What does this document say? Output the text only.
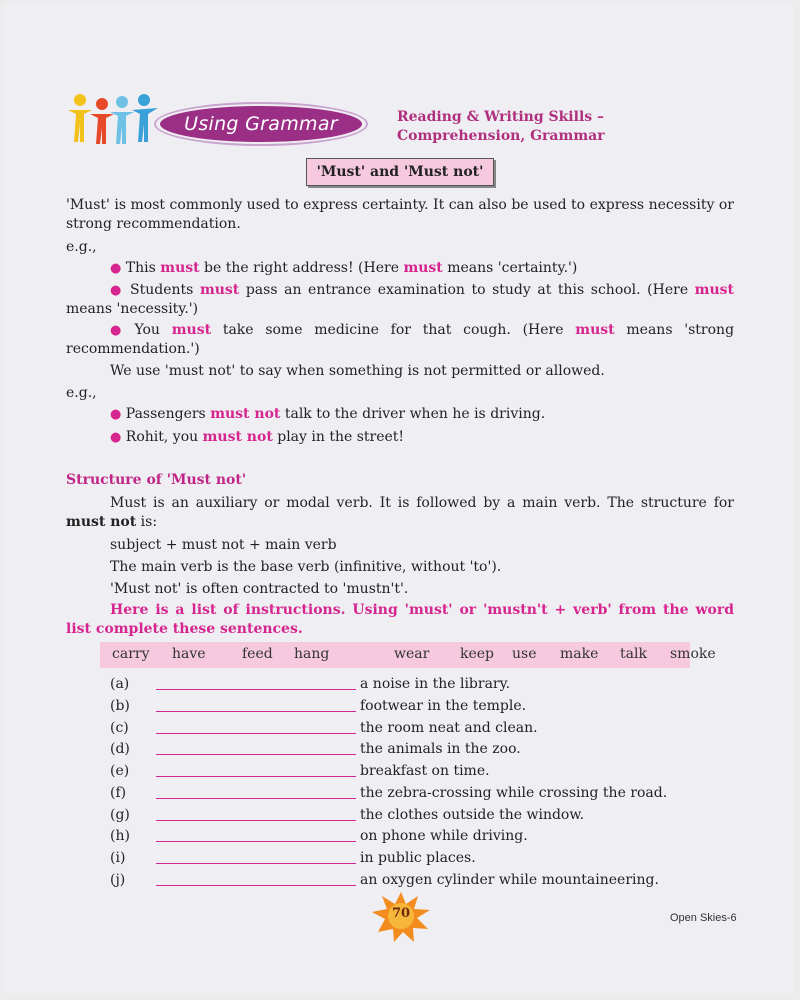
Using Grammar	Reading & Writing Skills –
Comprehension, Grammar
'Must' and 'Must not'
'Must' is most commonly used to express certainty. It can also be used to express necessity or strong recommendation.
e.g.,
● This must be the right address! (Here must means 'certainty.')
● Students must pass an entrance examination to study at this school. (Here must means 'necessity.')
● You must take some medicine for that cough. (Here must means 'strong recommendation.')
We use 'must not' to say when something is not permitted or allowed.
e.g.,
● Passengers must not talk to the driver when he is driving.
● Rohit, you must not play in the street!
Structure of 'Must not'
Must is an auxiliary or modal verb. It is followed by a main verb. The structure for must not is:
subject + must not + main verb
The main verb is the base verb (infinitive, without 'to').
'Must not' is often contracted to 'mustn't'.
Here is a list of instructions. Using 'must' or 'mustn't + verb' from the word list complete these sentences.
carry have	feed hang	wear keep use make talk smoke
(a)	a noise in the library.
(b)	footwear in the temple.
(c)	the room neat and clean.
(d)	the animals in the zoo.
(e)	breakfast on time.
(f)	the zebra-crossing while crossing the road.
(g)	the clothes outside the window.
(h)	on phone while driving.
(i)	in public places.
(j)	an oxygen cylinder while mountaineering.
70	Open Skies-6
